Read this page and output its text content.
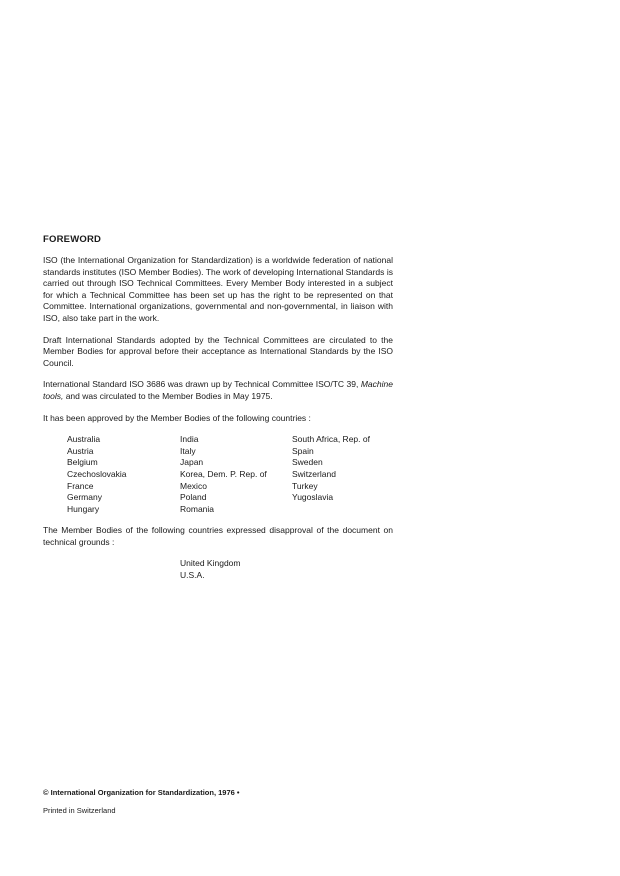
FOREWORD

ISO (the International Organization for Standardization) is a worldwide federation of national standards institutes (ISO Member Bodies). The work of developing International Standards is carried out through ISO Technical Committees. Every Member Body interested in a subject for which a Technical Committee has been set up has the right to be represented on that Committee. International organizations, governmental and non-governmental, in liaison with ISO, also take part in the work.

Draft International Standards adopted by the Technical Committees are circulated to the Member Bodies for approval before their acceptance as International Standards by the ISO Council.

International Standard ISO 3686 was drawn up by Technical Committee ISO/TC 39, Machine tools, and was circulated to the Member Bodies in May 1975.

It has been approved by the Member Bodies of the following countries :

Australia
Austria
Belgium
Czechoslovakia
France
Germany
Hungary
India
Italy
Japan
Korea, Dem. P. Rep. of
Mexico
Poland
Romania
South Africa, Rep. of
Spain
Sweden
Switzerland
Turkey
Yugoslavia

The Member Bodies of the following countries expressed disapproval of the document on technical grounds :

United Kingdom
U.S.A.
© International Organization for Standardization, 1976 •
Printed in Switzerland
